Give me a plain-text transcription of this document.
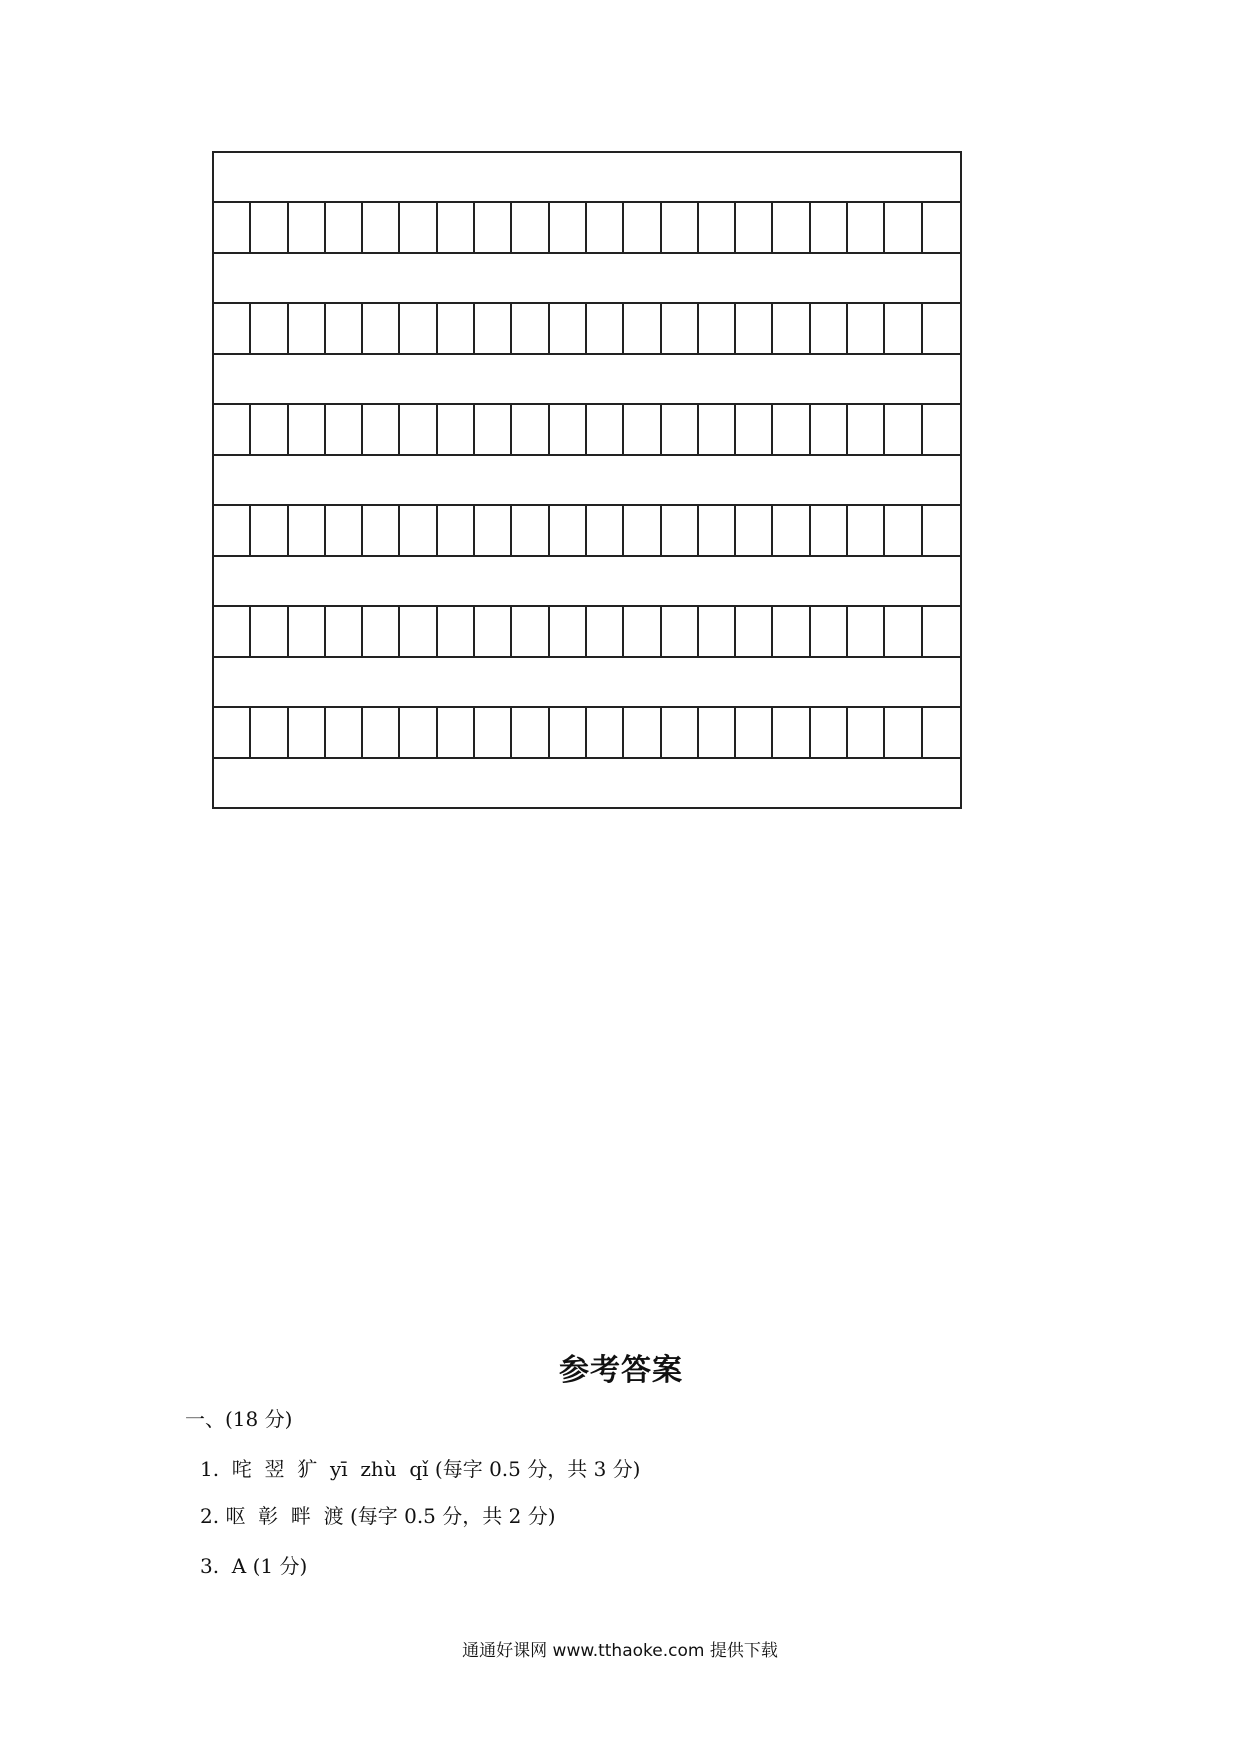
参考答案
一、(18 分)
1.  咤  翌  犷  yī  zhù  qǐ (每字 0.5 分，共 3 分)
2. 呕  彰  畔  渡 (每字 0.5 分，共 2 分)
3.  A (1 分)
通通好课网 www.tthaoke.com 提供下载
